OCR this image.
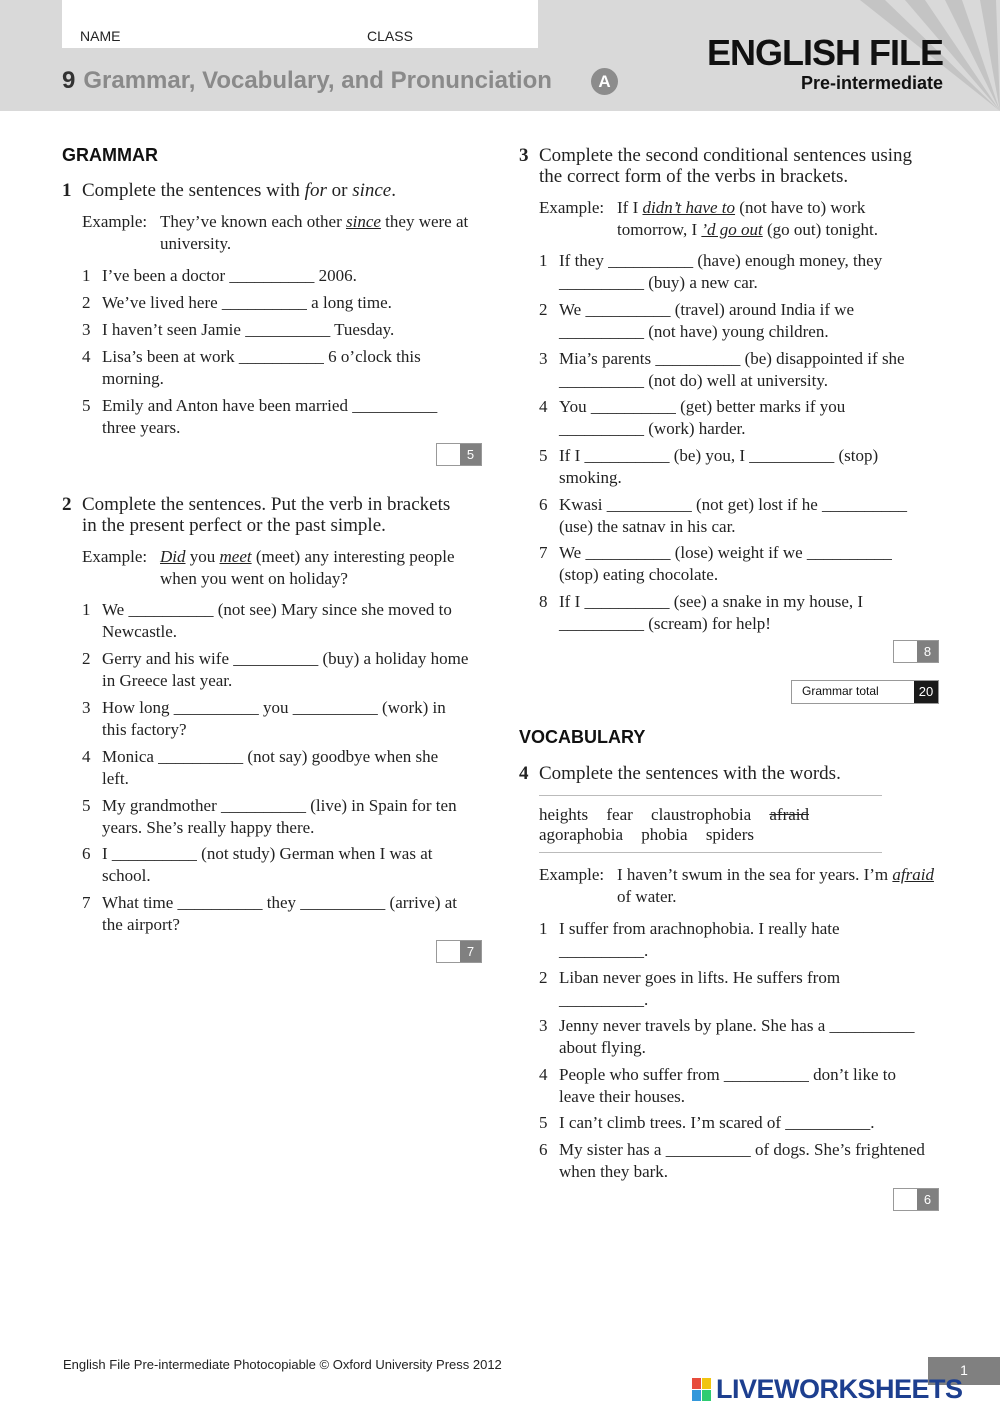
NAME	CLASS
9 Grammar, Vocabulary, and Pronunciation	A
ENGLISH FILE
Pre-intermediate
GRAMMAR
1 Complete the sentences with for or since.
Example: They’ve known each other since they were at
university.
1 I’ve been a doctor __________ 2006.
2 We’ve lived here __________ a long time.
3 I haven’t seen Jamie __________ Tuesday.
4 Lisa’s been at work __________ 6 o’clock this
morning.
5 Emily and Anton have been married __________
three years.
5
2 Complete the sentences. Put the verb in brackets
in the present perfect or the past simple.
Example: Did you meet (meet) any interesting people
when you went on holiday?
1 We __________ (not see) Mary since she moved to
Newcastle.
2 Gerry and his wife __________ (buy) a holiday home
in Greece last year.
3 How long __________ you __________ (work) in
this factory?
4 Monica __________ (not say) goodbye when she
left.
5 My grandmother __________ (live) in Spain for ten
years. She’s really happy there.
6 I __________ (not study) German when I was at
school.
7 What time __________ they __________ (arrive) at
the airport?
7
3 Complete the second conditional sentences using
the correct form of the verbs in brackets.
Example: If I didn’t have to (not have to) work
tomorrow, I ’d go out (go out) tonight.
1 If they __________ (have) enough money, they
__________ (buy) a new car.
2 We __________ (travel) around India if we
__________ (not have) young children.
3 Mia’s parents __________ (be) disappointed if she
__________ (not do) well at university.
4 You __________ (get) better marks if you
__________ (work) harder.
5 If I __________ (be) you, I __________ (stop)
smoking.
6 Kwasi __________ (not get) lost if he __________
(use) the satnav in his car.
7 We __________ (lose) weight if we __________
(stop) eating chocolate.
8 If I __________ (see) a snake in my house, I
__________ (scream) for help!
8
Grammar total	20
VOCABULARY
4 Complete the sentences with the words.
heights fear claustrophobia afraid
agoraphobia phobia spiders
Example: I haven’t swum in the sea for years. I’m afraid
of water.
1 I suffer from arachnophobia. I really hate
__________.
2 Liban never goes in lifts. He suffers from
__________.
3 Jenny never travels by plane. She has a __________
about flying.
4 People who suffer from __________ don’t like to
leave their houses.
5 I can’t climb trees. I’m scared of __________.
6 My sister has a __________ of dogs. She’s frightened
when they bark.
6
English File Pre-intermediate Photocopiable © Oxford University Press 2012	1
LIVEWORKSHEETS
